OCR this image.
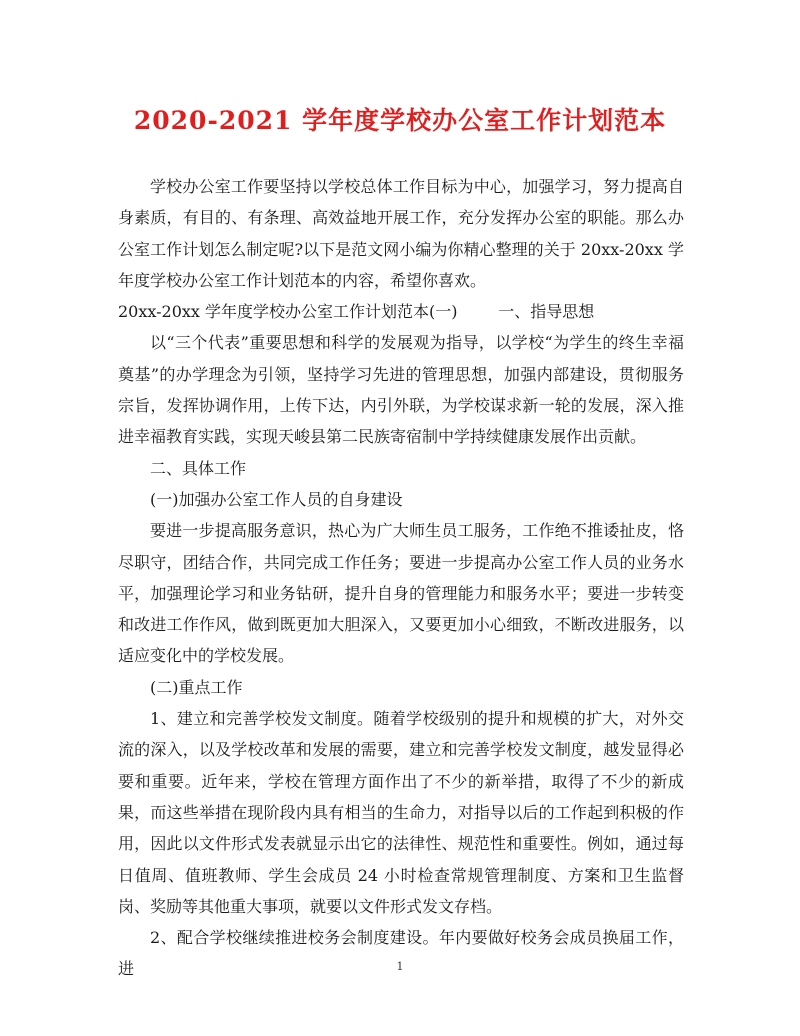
2020-2021 学年度学校办公室工作计划范本

学校办公室工作要坚持以学校总体工作目标为中心，加强学习，努力提高自身素质，有目的、有条理、高效益地开展工作，充分发挥办公室的职能。那么办公室工作计划怎么制定呢?以下是范文网小编为你精心整理的关于 20xx-20xx 学年度学校办公室工作计划范本的内容，希望你喜欢。

20xx-20xx 学年度学校办公室工作计划范本(一)	一、指导思想

以“三个代表”重要思想和科学的发展观为指导，以学校“为学生的终生幸福奠基”的办学理念为引领，坚持学习先进的管理思想，加强内部建设，贯彻服务宗旨，发挥协调作用，上传下达，内引外联，为学校谋求新一轮的发展，深入推进幸福教育实践，实现天峻县第二民族寄宿制中学持续健康发展作出贡献。

二、具体工作

(一)加强办公室工作人员的自身建设

要进一步提高服务意识，热心为广大师生员工服务，工作绝不推诿扯皮，恪尽职守，团结合作，共同完成工作任务；要进一步提高办公室工作人员的业务水平，加强理论学习和业务钻研，提升自身的管理能力和服务水平；要进一步转变和改进工作作风，做到既更加大胆深入，又要更加小心细致，不断改进服务，以适应变化中的学校发展。

(二)重点工作

1、建立和完善学校发文制度。随着学校级别的提升和规模的扩大，对外交流的深入，以及学校改革和发展的需要，建立和完善学校发文制度，越发显得必要和重要。近年来，学校在管理方面作出了不少的新举措，取得了不少的新成果，而这些举措在现阶段内具有相当的生命力，对指导以后的工作起到积极的作用，因此以文件形式发表就显示出它的法律性、规范性和重要性。例如，通过每日值周、值班教师、学生会成员 24 小时检查常规管理制度、方案和卫生监督岗、奖励等其他重大事项，就要以文件形式发文存档。

2、配合学校继续推进校务会制度建设。年内要做好校务会成员换届工作，进	1
